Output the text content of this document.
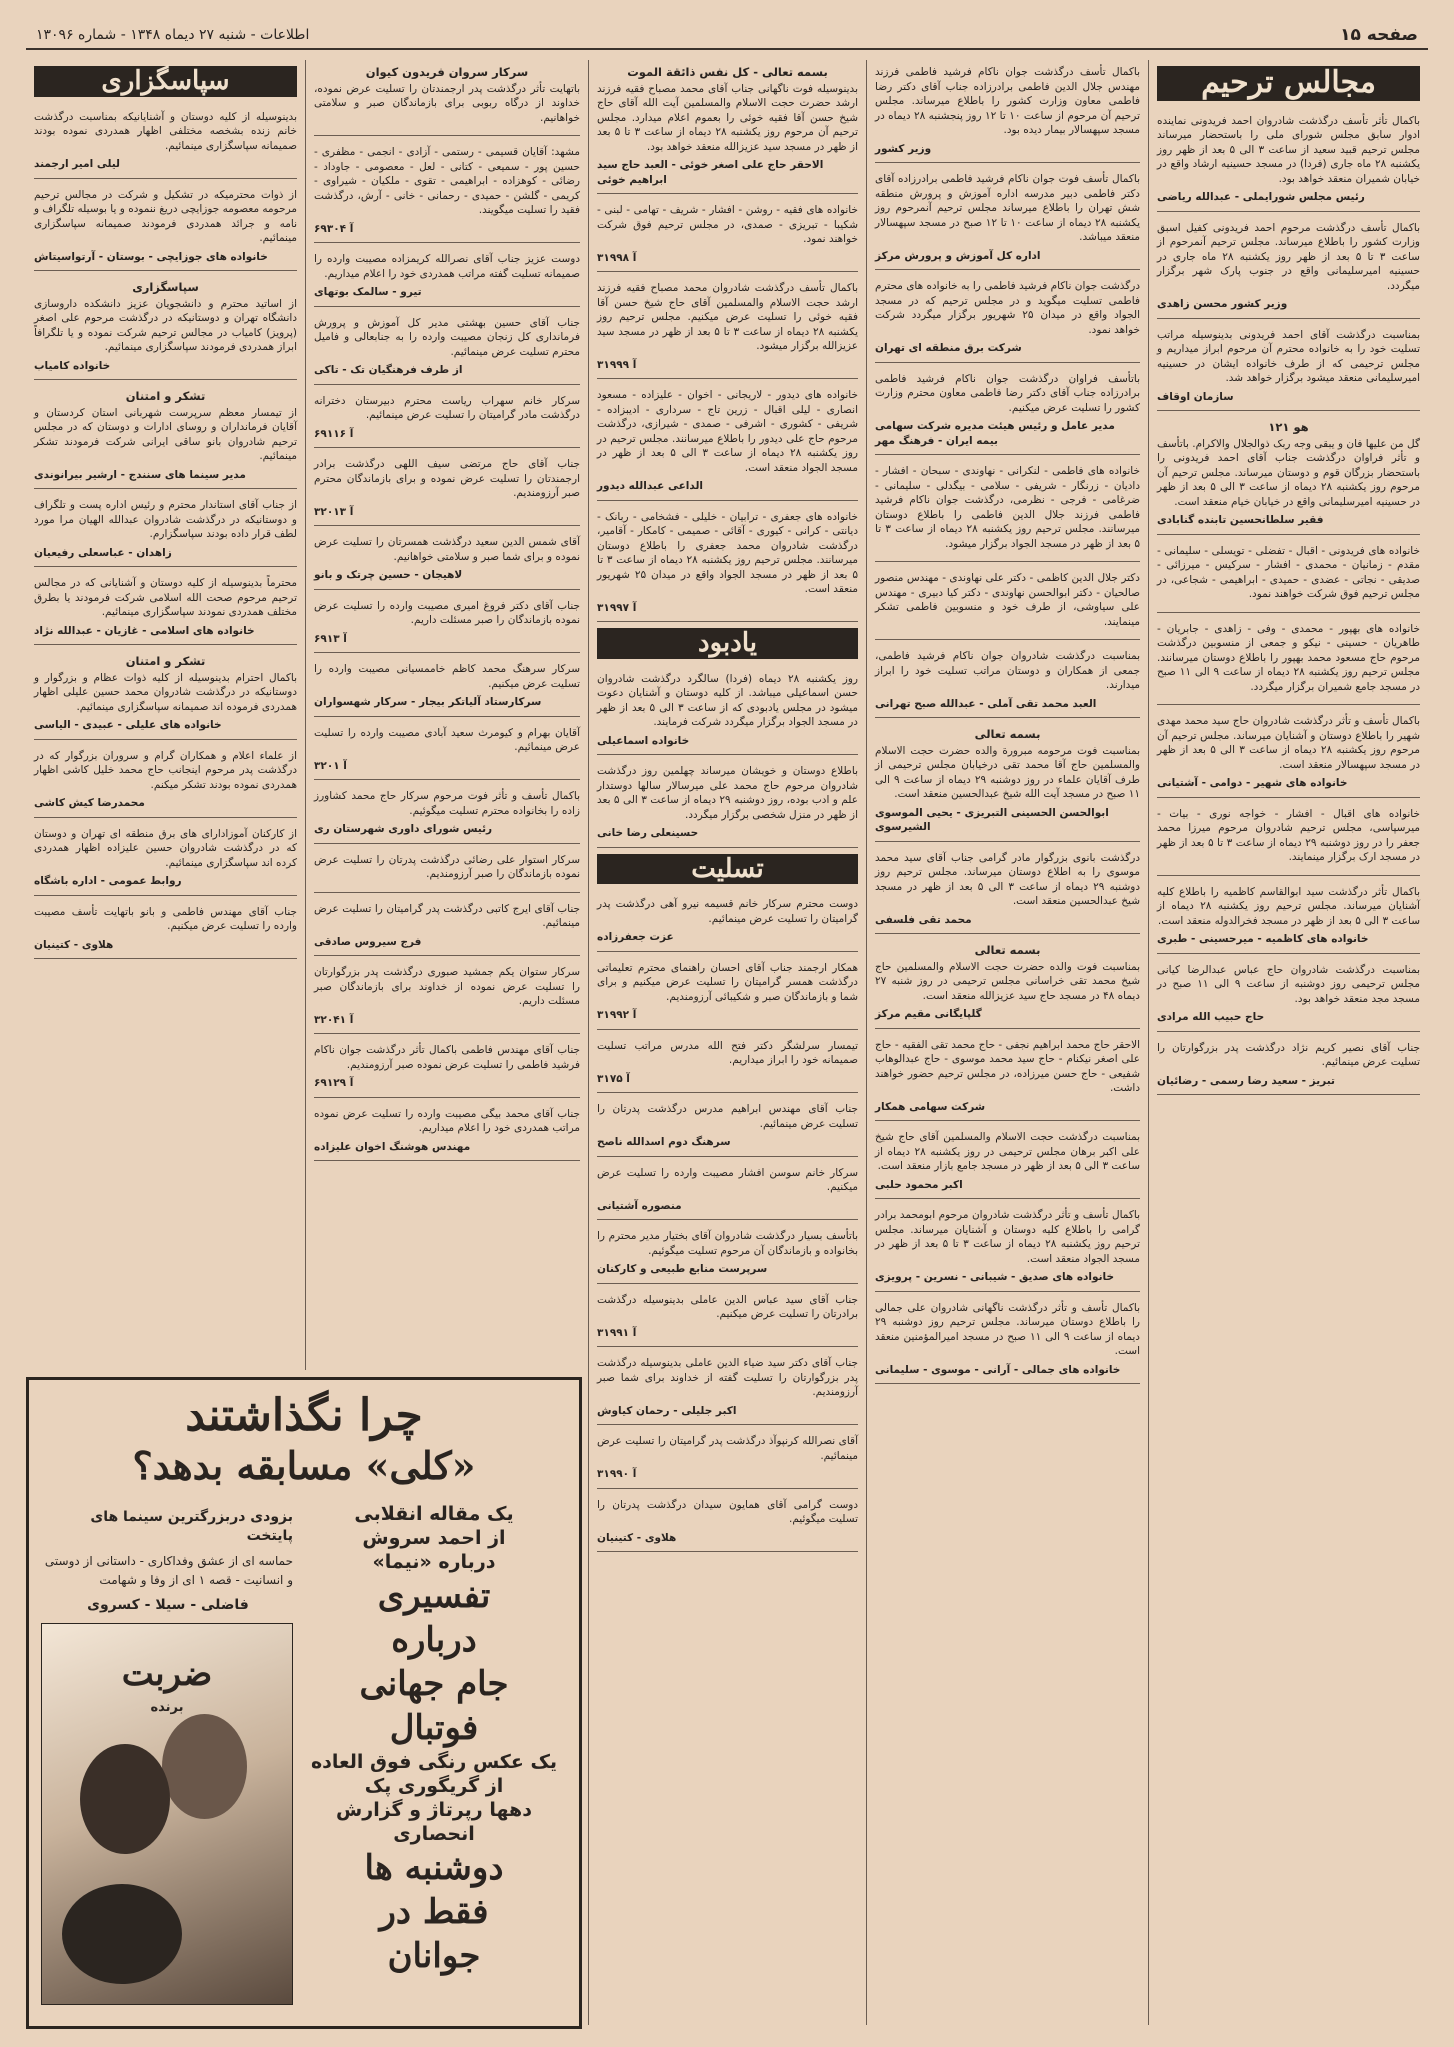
صفحه ۱۵
اطلاعات - شنبه ۲۷ دیماه ۱۳۴۸ - شماره ۱۳۰۹۶
مجالس ترحیم

باکمال تأثر تأسف درگذشت شادروان احمد فریدونی نماینده ادوار سابق مجلس شورای ملی را باستحضار میرساند مجلس ترحیم قبید سعید از ساعت ۳ الی ۵ بعد از ظهر روز یکشنبه ۲۸ ماه جاری (فردا) در مسجد حسینیه ارشاد واقع در خیابان شمیران منعقد خواهد بود.

رئیس مجلس شورایملی - عبدالله ریاضی

باکمال تأسف درگذشت مرحوم احمد فریدونی کفیل اسبق وزارت کشور را باطلاع میرساند. مجلس ترحیم آنمرحوم از ساعت ۳ تا ۵ بعد از ظهر روز یکشنبه ۲۸ ماه جاری در حسینیه امیرسلیمانی واقع در جنوب پارک شهر برگزار میگردد.

وزیر کشور محسن زاهدی

بمناسبت درگذشت آقای احمد فریدونی بدینوسیله مراتب تسلیت خود را به خانواده محترم آن مرحوم ابراز میداریم و مجلس ترحیمی که از طرف خانواده ایشان در حسینیه امیرسلیمانی منعقد میشود برگزار خواهد شد.

سازمان اوقاف
هو ۱۲۱

گل من علیها فان و یبقی وجه ربک ذوالجلال والاکرام. باتأسف و تأثر فراوان درگذشت جناب آقای احمد فریدونی را باستحضار بزرگان قوم و دوستان میرساند. مجلس ترحیم آن مرحوم روز یکشنبه ۲۸ دیماه از ساعت ۳ الی ۵ بعد از ظهر در حسینیه امیرسلیمانی واقع در خیابان خیام منعقد است.

فقیر سلطانحسین تابنده گنابادی

خانواده های فریدونی - اقبال - تفضلی - تویسلی - سلیمانی - مقدم - زمانیان - محمدی - افشار - سرکیس - میرزائی - صدیقی - نجاتی - عضدی - حمیدی - ابراهیمی - شجاعی، در مجلس ترحیم فوق شرکت خواهند نمود.

خانواده های بهپور - محمدی - وفی - زاهدی - جابریان - طاهریان - حسینی - نیکو و جمعی از منسوبین درگذشت مرحوم حاج مسعود محمد بهپور را باطلاع دوستان میرسانند. مجلس ترحیم روز یکشنبه ۲۸ دیماه از ساعت ۹ الی ۱۱ صبح در مسجد جامع شمیران برگزار میگردد.

باکمال تأسف و تأثر درگذشت شادروان حاج سید محمد مهدی شهیر را باطلاع دوستان و آشنایان میرساند. مجلس ترحیم آن مرحوم روز یکشنبه ۲۸ دیماه از ساعت ۳ الی ۵ بعد از ظهر در مسجد سپهسالار منعقد است.

خانواده های شهیر - دوامی - آشتیانی

خانواده های اقبال - افشار - خواجه نوری - بیات - میرسپاسی، مجلس ترحیم شادروان مرحوم میرزا محمد جعفر را در روز دوشنبه ۲۹ دیماه از ساعت ۳ تا ۵ بعد از ظهر در مسجد ارک برگزار مینمایند.

باکمال تأثر درگذشت سید ابوالقاسم کاظمیه را باطلاع کلیه آشنایان میرساند. مجلس ترحیم روز یکشنبه ۲۸ دیماه از ساعت ۳ الی ۵ بعد از ظهر در مسجد فخرالدوله منعقد است.

خانواده های کاظمیه - میرحسینی - طبری

بمناسبت درگذشت شادروان حاج عباس عبدالرضا کیانی مجلس ترحیمی روز دوشنبه از ساعت ۹ الی ۱۱ صبح در مسجد مجد منعقد خواهد بود.

حاج حبیب الله مرادی

جناب آقای نصیر کریم نژاد درگذشت پدر بزرگوارتان را تسلیت عرض مینمائیم.

تبریز - سعید رضا رسمی - رضائیان

باکمال تأسف درگذشت جوان ناکام فرشید فاطمی فرزند مهندس جلال الدین فاطمی برادرزاده جناب آقای دکتر رضا فاطمی معاون وزارت کشور را باطلاع میرساند. مجلس ترحیم آن مرحوم از ساعت ۱۰ تا ۱۲ روز پنجشنبه ۲۸ دیماه در مسجد سپهسالار بیمار دیده بود.

وزیر کشور

باکمال تأسف فوت جوان ناکام فرشید فاطمی برادرزاده آقای دکتر فاطمی دبیر مدرسه اداره آموزش و پرورش منطقه شش تهران را باطلاع میرساند مجلس ترحیم آنمرحوم روز یکشنبه ۲۸ دیماه از ساعت ۱۰ تا ۱۲ صبح در مسجد سپهسالار منعقد میباشد.

اداره کل آموزش و پرورش مرکز

درگذشت جوان ناکام فرشید فاطمی را به خانواده های محترم فاطمی تسلیت میگوید و در مجلس ترحیم که در مسجد الجواد واقع در میدان ۲۵ شهریور برگزار میگردد شرکت خواهد نمود.

شرکت برق منطقه ای تهران

باتأسف فراوان درگذشت جوان ناکام فرشید فاطمی برادرزاده جناب آقای دکتر رضا فاطمی معاون محترم وزارت کشور را تسلیت عرض میکنیم.

مدیر عامل و رئیس هیئت مدیره شرکت سهامی بیمه ایران - فرهنگ مهر

خانواده های فاطمی - لنکرانی - نهاوندی - سبحان - افشار - دادیان - زرنگار - شریفی - سلامی - بیگدلی - سلیمانی - ضرغامی - فرجی - نظرمی، درگذشت جوان ناکام فرشید فاطمی فرزند جلال الدین فاطمی را باطلاع دوستان میرسانند. مجلس ترحیم روز یکشنبه ۲۸ دیماه از ساعت ۳ تا ۵ بعد از ظهر در مسجد الجواد برگزار میشود.

دکتر جلال الدین کاظمی - دکتر علی نهاوندی - مهندس منصور صالحیان - دکتر ابوالحسن نهاوندی - دکتر کیا دبیری - مهندس علی سیاوشی، از طرف خود و منسوبین فاطمی تشکر مینمایند.

بمناسبت درگذشت شادروان جوان ناکام فرشید فاطمی، جمعی از همکاران و دوستان مراتب تسلیت خود را ابراز میدارند.

العبد محمد تقی آملی - عبدالله صبح تهرانی
بسمه تعالی

بمناسبت فوت مرحومه مبرورة والده حضرت حجت الاسلام والمسلمین حاج آقا محمد تقی درخیابان مجلس ترحیمی از طرف آقایان علماء در روز دوشنبه ۲۹ دیماه از ساعت ۹ الی ۱۱ صبح در مسجد آیت الله شیخ عبدالحسین منعقد است.

ابوالحسن الحسینی التبریزی - یحیی الموسوی الشیرسوی

درگذشت بانوی بزرگوار مادر گرامی جناب آقای سید محمد موسوی را به اطلاع دوستان میرساند. مجلس ترحیم روز دوشنبه ۲۹ دیماه از ساعت ۳ الی ۵ بعد از ظهر در مسجد شیخ عبدالحسین منعقد است.

محمد تقی فلسفی
بسمه تعالی

بمناسبت فوت والده حضرت حجت الاسلام والمسلمین حاج شیخ محمد تقی خراسانی مجلس ترحیمی در روز شنبه ۲۷ دیماه ۴۸ در مسجد حاج سید عزیزالله منعقد است.

گلپایگانی مقیم مرکز

الاحقر حاج محمد ابراهیم نجفی - حاج محمد تقی الفقیه - حاج علی اصغر نیکنام - حاج سید محمد موسوی - حاج عبدالوهاب شفیعی - حاج حسن میرزاده، در مجلس ترحیم حضور خواهند داشت.

شرکت سهامی همکار

بمناسبت درگذشت حجت الاسلام والمسلمین آقای حاج شیخ علی اکبر برهان مجلس ترحیمی در روز یکشنبه ۲۸ دیماه از ساعت ۳ الی ۵ بعد از ظهر در مسجد جامع بازار منعقد است.

اکبر محمود حلبی

باکمال تأسف و تأثر درگذشت شادروان مرحوم ابومحمد برادر گرامی را باطلاع کلیه دوستان و آشنایان میرساند. مجلس ترحیم روز یکشنبه ۲۸ دیماه از ساعت ۳ تا ۵ بعد از ظهر در مسجد الجواد منعقد است.

خانواده های صدیق - شیبانی - نسرین - پرویزی

باکمال تأسف و تأثر درگذشت ناگهانی شادروان علی جمالی را باطلاع دوستان میرساند. مجلس ترحیم روز دوشنبه ۲۹ دیماه از ساعت ۹ الی ۱۱ صبح در مسجد امیرالمؤمنین منعقد است.

خانواده های جمالی - آرانی - موسوی - سلیمانی
بسمه تعالی - کل نفس ذائقة الموت

بدینوسیله فوت ناگهانی جناب آقای محمد مصباح فقیه فرزند ارشد حضرت حجت الاسلام والمسلمین آیت الله آقای حاج شیخ حسن آقا فقیه خوئی را بعموم اعلام میدارد. مجلس ترحیم آن مرحوم روز یکشنبه ۲۸ دیماه از ساعت ۳ تا ۵ بعد از ظهر در مسجد سید عزیزالله منعقد خواهد بود.

الاحقر حاج علی اصغر خوئی - العبد حاج سید ابراهیم خوئی

خانواده های فقیه - روشن - افشار - شریف - تهامی - لبنی - شکیبا - تبریزی - صمدی، در مجلس ترحیم فوق شرکت خواهند نمود.

آ ۳۱۹۹۸

باکمال تأسف درگذشت شادروان محمد مصباح فقیه فرزند ارشد حجت الاسلام والمسلمین آقای حاج شیخ حسن آقا فقیه خوئی را تسلیت عرض میکنیم. مجلس ترحیم روز یکشنبه ۲۸ دیماه از ساعت ۳ تا ۵ بعد از ظهر در مسجد سید عزیزالله برگزار میشود.

آ ۳۱۹۹۹

خانواده های دیدور - لاریجانی - اخوان - علیزاده - مسعود انصاری - لیلی اقبال - زرین تاج - سرداری - ادیبزاده - شریفی - کشوری - اشرفی - صمدی - شیرازی، درگذشت مرحوم حاج علی دیدور را باطلاع میرسانند. مجلس ترحیم در روز یکشنبه ۲۸ دیماه از ساعت ۳ الی ۵ بعد از ظهر در مسجد الجواد منعقد است.

الداعی عبدالله دیدور

خانواده های جعفری - ترابیان - خلیلی - فشخامی - ربانک - دیانتی - کرانی - کیوری - آقائی - صمیمی - کامکار - آقامیر، درگذشت شادروان محمد جعفری را باطلاع دوستان میرسانند. مجلس ترحیم روز یکشنبه ۲۸ دیماه از ساعت ۳ تا ۵ بعد از ظهر در مسجد الجواد واقع در میدان ۲۵ شهریور منعقد است.

آ ۳۱۹۹۷
یادبود

روز یکشنبه ۲۸ دیماه (فردا) سالگرد درگذشت شادروان حسن اسماعیلی میباشد. از کلیه دوستان و آشنایان دعوت میشود در مجلس یادبودی که از ساعت ۳ الی ۵ بعد از ظهر در مسجد الجواد برگزار میگردد شرکت فرمایند.

خانواده اسماعیلی

باطلاع دوستان و خویشان میرساند چهلمین روز درگذشت شادروان مرحوم حاج محمد علی میرسالار سالها دوستدار علم و ادب بوده، روز دوشنبه ۲۹ دیماه از ساعت ۳ الی ۵ بعد از ظهر در منزل شخصی برگزار میگردد.

حسینعلی رضا خانی
تسلیت

دوست محترم سرکار خانم قسیمه نیرو آهی درگذشت پدر گرامیتان را تسلیت عرض مینمائیم.

عزت جعفرزاده

همکار ارجمند جناب آقای احسان راهنمای محترم تعلیماتی درگذشت همسر گرامیتان را تسلیت عرض میکنیم و برای شما و بازماندگان صبر و شکیبائی آرزومندیم.

آ ۳۱۹۹۲

تیمسار سرلشگر دکتر فتح الله مدرس مراتب تسلیت صمیمانه خود را ابراز میداریم.

آ ۳۱۷۵

جناب آقای مهندس ابراهیم مدرس درگذشت پدرتان را تسلیت عرض مینمائیم.

سرهنگ دوم اسدالله ناصح

سرکار خانم سوسن افشار مصیبت وارده را تسلیت عرض میکنیم.

منصوره آشتیانی

باتأسف بسیار درگذشت شادروان آقای بختیار مدیر محترم را بخانواده و بازماندگان آن مرحوم تسلیت میگوئیم.

سرپرست منابع طبیعی و کارکنان

جناب آقای سید عباس الدین عاملی بدینوسیله درگذشت برادرتان را تسلیت عرض میکنیم.

آ ۳۱۹۹۱

جناب آقای دکتر سید ضیاء الدین عاملی بدینوسیله درگذشت پدر بزرگوارتان را تسلیت گفته از خداوند برای شما صبر آرزومندیم.

اکبر جلیلی - رحمان کیاوش

آقای نصرالله کرنپوآذ درگذشت پدر گرامیتان را تسلیت عرض مینمائیم.

آ ۳۱۹۹۰

دوست گرامی آقای همایون سیدان درگذشت پدرتان را تسلیت میگوئیم.

هلاوی - کتینیان
سرکار سروان فریدون کیوان

باتهایت تأثر درگذشت پدر ارجمندتان را تسلیت عرض نموده، خداوند از درگاه ربوبی برای بازماندگان صبر و سلامتی خواهانیم.

مشهد: آقایان قسیمی - رستمی - آزادی - انجمی - مظفری - حسین پور - سمیعی - کتانی - لعل - معصومی - جاوداد - رضائی - کوهزاده - ابراهیمی - تقوی - ملکیان - شیراوی - کریمی - گلشن - حمیدی - رحمانی - خانی - آرش، درگذشت فقید را تسلیت میگویند.

آ ۶۹۳۰۴

دوست عزیز جناب آقای نصرالله کریمزاده مصیبت وارده را صمیمانه تسلیت گفته مراتب همدردی خود را اعلام میداریم.

تیرو - سالمک بوتهای

جناب آقای حسین بهشتی مدیر کل آموزش و پرورش فرمانداری کل زنجان مصیبت وارده را به جنابعالی و فامیل محترم تسلیت عرض مینمائیم.

از طرف فرهنگیان تک - تاکی

سرکار خانم سهراب ریاست محترم دبیرستان دخترانه درگذشت مادر گرامیتان را تسلیت عرض مینمائیم.

آ ۶۹۱۱۶

جناب آقای حاج مرتضی سیف اللهی درگذشت برادر ارجمندتان را تسلیت عرض نموده و برای بازماندگان محترم صبر آرزومندیم.

آ ۳۲۰۱۳

آقای شمس الدین سعید درگذشت همسرتان را تسلیت عرض نموده و برای شما صبر و سلامتی خواهانیم.

لاهیجان - حسین چرتک و بانو

جناب آقای دکتر فروغ امیری مصیبت وارده را تسلیت عرض نموده بازماندگان را صبر مسئلت داریم.

آ ۶۹۱۳

سرکار سرهنگ محمد کاظم خاممسیانی مصیبت وارده را تسلیت عرض میکنیم.

سرکارستاد آلیاتکر بیجار - سرکار شهسواران

آقایان بهرام و کیومرث سعید آبادی مصیبت وارده را تسلیت عرض مینمائیم.

آ ۳۲۰۱

باکمال تأسف و تأثر فوت مرحوم سرکار حاج محمد کشاورز زاده را بخانواده محترم تسلیت میگوئیم.

رئیس شورای داوری شهرستان ری

سرکار استوار علی رضائی درگذشت پدرتان را تسلیت عرض نموده بازماندگان را صبر آرزومندیم.

جناب آقای ایرج کاتبی درگذشت پدر گرامیتان را تسلیت عرض مینمائیم.

فرج سیروس صادقی

سرکار ستوان یکم جمشید صبوری درگذشت پدر بزرگوارتان را تسلیت عرض نموده از خداوند برای بازماندگان صبر مسئلت داریم.

آ ۳۲۰۴۱

جناب آقای مهندس فاطمی باکمال تأثر درگذشت جوان ناکام فرشید فاطمی را تسلیت عرض نموده صبر آرزومندیم.

آ ۶۹۱۲۹

جناب آقای محمد بیگی مصیبت وارده را تسلیت عرض نموده مراتب همدردی خود را اعلام میداریم.

مهندس هوشنگ اخوان علیزاده
سپاسگزاری

بدینوسیله از کلیه دوستان و آشنایانیکه بمناسبت درگذشت خانم زنده بشخصه مختلفی اظهار همدردی نموده بودند صمیمانه سپاسگزاری مینمائیم.

لیلی امیر ارجمند

از ذوات محترمیکه در تشکیل و شرکت در مجالس ترحیم مرحومه معصومه جوزایچی دریغ ننموده و یا بوسیله تلگراف و نامه و جرائد همدردی فرمودند صمیمانه سپاسگزاری مینمائیم.

خانواده های جوزایچی - بوستان - آرتواسیتاش
سپاسگزاری

از اساتید محترم و دانشجویان عزیز دانشکده داروسازی دانشگاه تهران و دوستانیکه در درگذشت مرحوم علی اصغر (پرویز) کامیاب در مجالس ترحیم شرکت نموده و یا تلگرافاً ابراز همدردی فرمودند سپاسگزاری مینمائیم.

خانواده کامیاب
تشکر و امتنان

از تیمسار معظم سرپرست شهربانی استان کردستان و آقایان فرمانداران و روسای ادارات و دوستان که در مجلس ترحیم شادروان بانو ساقی ایرانی شرکت فرمودند تشکر مینمائیم.

مدیر سینما های سنندج - ارشیر بیرانوندی

از جناب آقای استاندار محترم و رئیس اداره پست و تلگراف و دوستانیکه در درگذشت شادروان عبدالله الهیان مرا مورد لطف قرار داده بودند سپاسگزارم.

زاهدان - عباسعلی رفیعیان

محترماً بدینوسیله از کلیه دوستان و آشنایانی که در مجالس ترحیم مرحوم صحت الله اسلامی شرکت فرمودند یا بطرق مختلف همدردی نمودند سپاسگزاری مینمائیم.

خانواده های اسلامی - غازیان - عبدالله نژاد
تشکر و امتنان

باکمال احترام بدینوسیله از کلیه ذوات عظام و بزرگوار و دوستانیکه در درگذشت شادروان محمد حسین علیلی اظهار همدردی فرموده اند صمیمانه سپاسگزاری مینمائیم.

خانواده های علیلی - عبیدی - الیاسی

از علماء اعلام و همکاران گرام و سروران بزرگوار که در درگذشت پدر مرحوم اینجانب حاج محمد خلیل کاشی اظهار همدردی نموده بودند تشکر میکنم.

محمدرضا کیش کاشی

از کارکنان آموزادارای های برق منطقه ای تهران و دوستان که در درگذشت شادروان حسین علیزاده اظهار همدردی کرده اند سپاسگزاری مینمائیم.

روابط عمومی - اداره باشگاه

جناب آقای مهندس فاطمی و بانو باتهایت تأسف مصیبت وارده را تسلیت عرض میکنیم.

هلاوی - کتینیان
چرا نگذاشتند
«کلی» مسابقه بدهد؟
یک مقاله انقلابی
از احمد سروش
درباره «نیما»
تفسیری
درباره
جام جهانی
فوتبال
یک عکس رنگی فوق العاده از گریگوری پک
دهها رپرتاژ و گزارش انحصاری
دوشنبه ها
فقط در
جوانان
بزودی دربزرگترین سینما های پایتخت
حماسه ای از عشق وفداکاری - داستانی از دوستی و انسانیت - قصه ۱ ای از وفا و شهامت
فاضلی - سیلا - کسروی
ضربت
برنده
